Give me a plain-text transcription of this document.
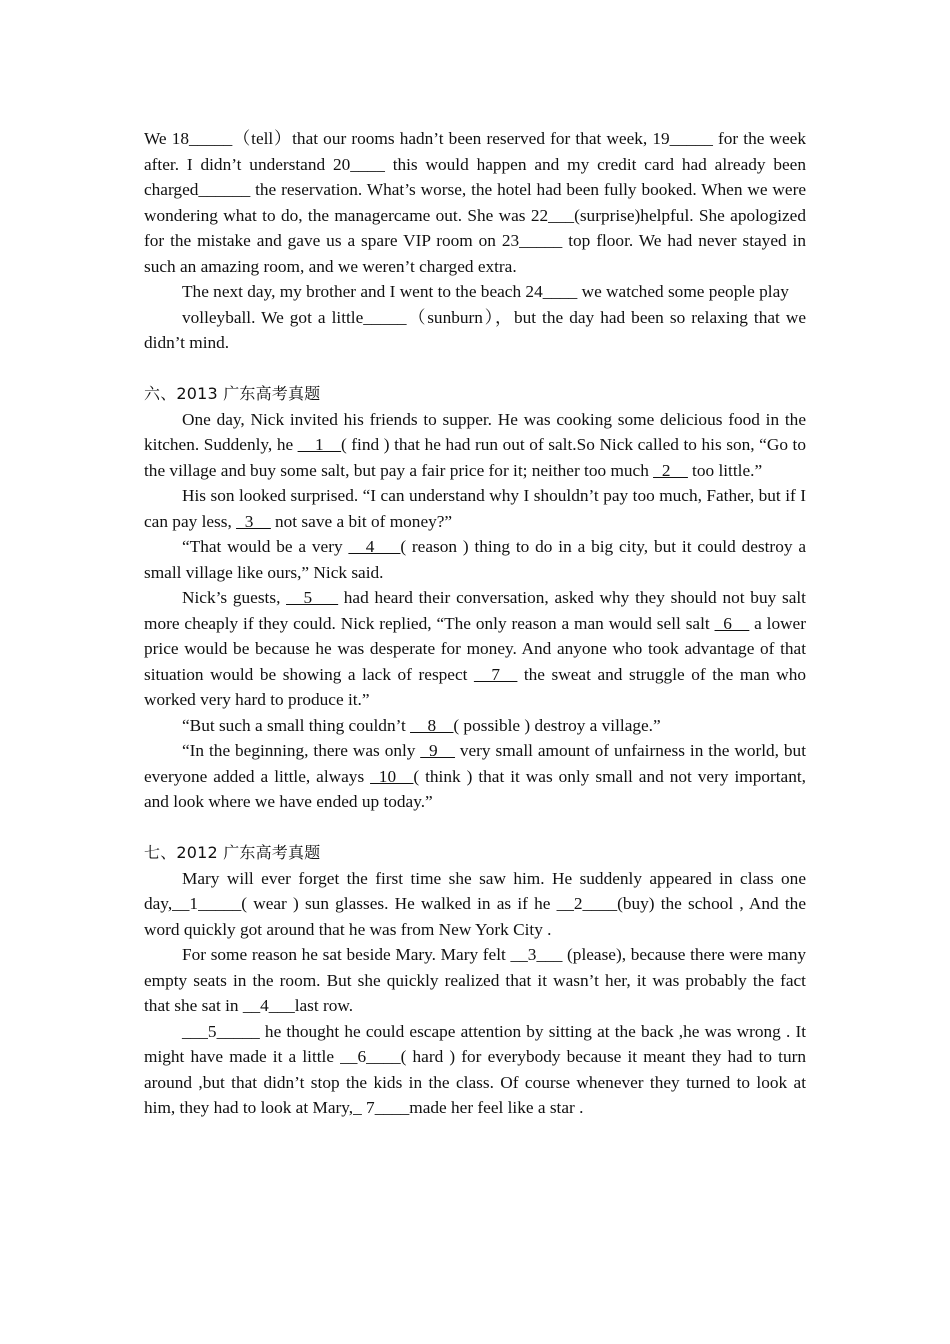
We 18_____（tell）that our rooms hadn’t been reserved for that week, 19_____ for the week after. I didn’t understand 20____ this would happen and my credit card had already been charged______ the reservation. What’s worse, the hotel had been fully booked. When we were wondering what to do, the managercame out. She was 22___(surprise)helpful. She apologized for the mistake and gave us a spare VIP room on 23_____ top floor. We had never stayed in such an amazing room, and we weren’t charged extra.

The next day, my brother and I went to the beach 24____ we watched some people play

volleyball. We got a little_____（sunburn），but the day had been so relaxing that we didn’t mind.

六、2013 广东高考真题

One day, Nick invited his friends to supper. He was cooking some delicious food in the kitchen. Suddenly, he __1__( find ) that he had run out of salt.So Nick called to his son, “Go to the village and buy some salt, but pay a fair price for it; neither too much _2__ too little.”

His son looked surprised. “I can understand why I shouldn’t pay too much, Father, but if I can pay less, _3__ not save a bit of money?”

“That would be a very __4___( reason ) thing to do in a big city, but it could destroy a small village like ours,” Nick said.

Nick’s guests, __5___ had heard their conversation, asked why they should not buy salt more cheaply if they could. Nick replied, “The only reason a man would sell salt _6__ a lower price would be because he was desperate for money. And anyone who took advantage of that situation would be showing a lack of respect __7__ the sweat and struggle of the man who worked very hard to produce it.”

“But such a small thing couldn’t __8__( possible ) destroy a village.”

“In the beginning, there was only _9__ very small amount of unfairness in the world, but everyone added a little, always _10__( think ) that it was only small and not very important, and look where we have ended up today.”

七、2012 广东高考真题

Mary will ever forget the first time she saw him. He suddenly appeared in class one day,__1_____( wear ) sun glasses. He walked in as if he __2____(buy) the school , And the word quickly got around that he was from New York City .

For some reason he sat beside Mary. Mary felt __3___ (please), because there were many empty seats in the room. But she quickly realized that it wasn’t her, it was probably the fact that she sat in __4___last row.

___5_____ he thought he could escape attention by sitting at the back ,he was wrong . It might have made it a little __6____( hard ) for everybody because it meant they had to turn around ,but that didn’t stop the kids in the class. Of course whenever they turned to look at him, they had to look at Mary,_ 7____made her feel like a star .
